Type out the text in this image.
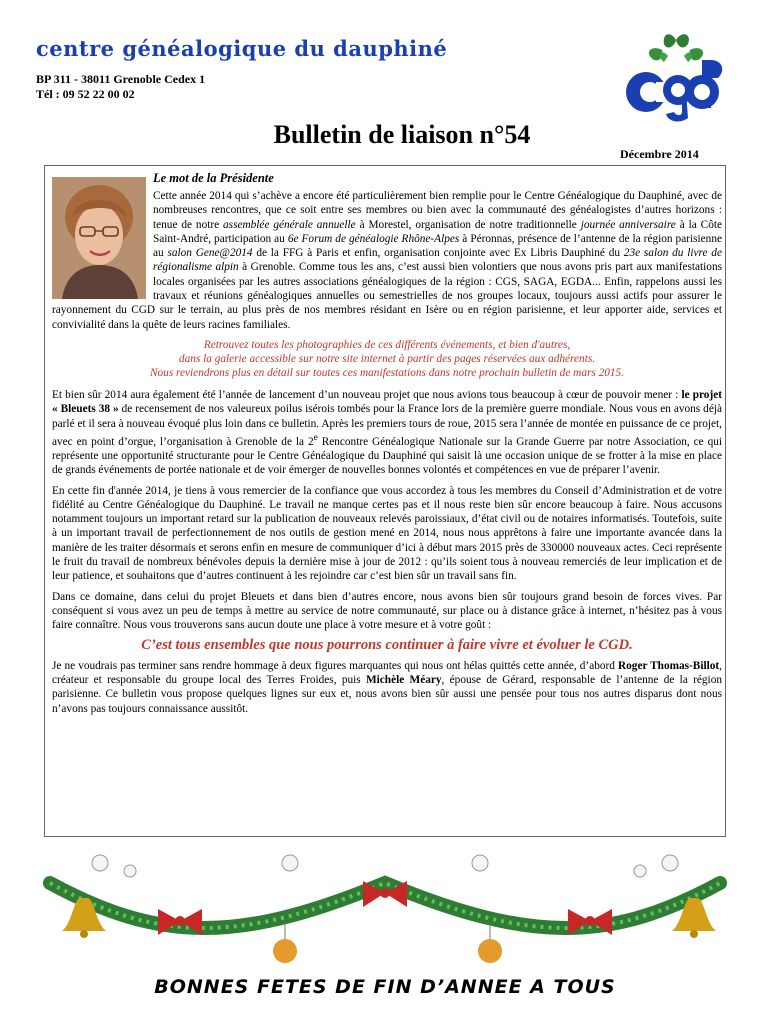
centre généalogique du dauphiné
BP 311 - 38011 Grenoble Cedex 1
Tél : 09 52 22 00 02
Bulletin de liaison n°54
Décembre 2014
Le mot de la Présidente

Cette année 2014 qui s’achève a encore été particulièrement bien remplie pour le Centre Généalogique du Dauphiné, avec de nombreuses rencontres, que ce soit entre ses membres ou bien avec la communauté des généalogistes d’autres horizons : tenue de notre assemblée générale annuelle à Morestel, organisation de notre traditionnelle journée anniversaire à la Côte Saint-André, participation au 6e Forum de généalogie Rhône-Alpes à Péronnas, présence de l’antenne de la région parisienne au salon Gene@2014 de la FFG à Paris et enfin, organisation conjointe avec Ex Libris Dauphiné du 23e salon du livre de régionalisme alpin à Grenoble. Comme tous les ans, c’est aussi bien volontiers que nous avons pris part aux manifestations locales organisées par les autres associations généalogiques de la région : CGS, SAGA, EGDA... Enfin, rappelons aussi les travaux et réunions généalogiques annuelles ou semestrielles de nos groupes locaux, toujours aussi actifs pour assurer le rayonnement du CGD sur le terrain, au plus près de nos membres résidant en Isère ou en région parisienne, et leur apporter aide, services et convivialité dans la quête de leurs racines familiales.

Retrouvez toutes les photographies de ces différents événements, et bien d'autres,
dans la galerie accessible sur notre site internet à partir des pages réservées aux adhérents.
Nous reviendrons plus en détail sur toutes ces manifestations dans notre prochain bulletin de mars 2015.

Et bien sûr 2014 aura également été l’année de lancement d’un nouveau projet que nous avions tous beaucoup à cœur de pouvoir mener : le projet « Bleuets 38 » de recensement de nos valeureux poilus isérois tombés pour la France lors de la première guerre mondiale. Nous vous en avons déjà parlé et il sera à nouveau évoqué plus loin dans ce bulletin. Après les premiers tours de roue, 2015 sera l’année de montée en puissance de ce projet, avec en point d’orgue, l’organisation à Grenoble de la 2e Rencontre Généalogique Nationale sur la Grande Guerre par notre Association, ce qui représente une opportunité structurante pour le Centre Généalogique du Dauphiné qui saisit là une occasion unique de se frotter à la mise en place de grands événements de portée nationale et de voir émerger de nouvelles bonnes volontés et compétences en vue de préparer l’avenir.

En cette fin d'année 2014, je tiens à vous remercier de la confiance que vous accordez à tous les membres du Conseil d’Administration et de votre fidélité au Centre Généalogique du Dauphiné. Le travail ne manque certes pas et il nous reste bien sûr encore beaucoup à faire. Nous accusons notamment toujours un important retard sur la publication de nouveaux relevés paroissiaux, d’état civil ou de notaires informatisés. Toutefois, suite à un important travail de perfectionnement de nos outils de gestion mené en 2014, nous nous apprêtons à faire une importante avancée dans la manière de les traiter désormais et serons enfin en mesure de communiquer d’ici à début mars 2015 près de 330000 nouveaux actes. Ceci représente le fruit du travail de nombreux bénévoles depuis la dernière mise à jour de 2012 : qu’ils soient tous à nouveau remerciés de leur implication et de leur patience, et souhaitons que d’autres continuent à les rejoindre car c’est bien sûr un travail sans fin.

Dans ce domaine, dans celui du projet Bleuets et dans bien d’autres encore, nous avons bien sûr toujours grand besoin de forces vives. Par conséquent si vous avez un peu de temps à mettre au service de notre communauté, sur place ou à distance grâce à internet, n’hésitez pas à vous faire connaître. Nous vous trouverons sans aucun doute une place à votre mesure et à votre goût :

C’est tous ensembles que nous pourrons continuer à faire vivre et évoluer le CGD.

Je ne voudrais pas terminer sans rendre hommage à deux figures marquantes qui nous ont hélas quittés cette année, d’abord Roger Thomas-Billot, créateur et responsable du groupe local des Terres Froides, puis Michèle Méary, épouse de Gérard, responsable de l’antenne de la région parisienne. Ce bulletin vous propose quelques lignes sur eux et, nous avons bien sûr aussi une pensée pour tous nos autres disparus dont nous n’avons pas toujours connaissance aussitôt.

BONNES FETES DE FIN D’ANNEE A TOUS
